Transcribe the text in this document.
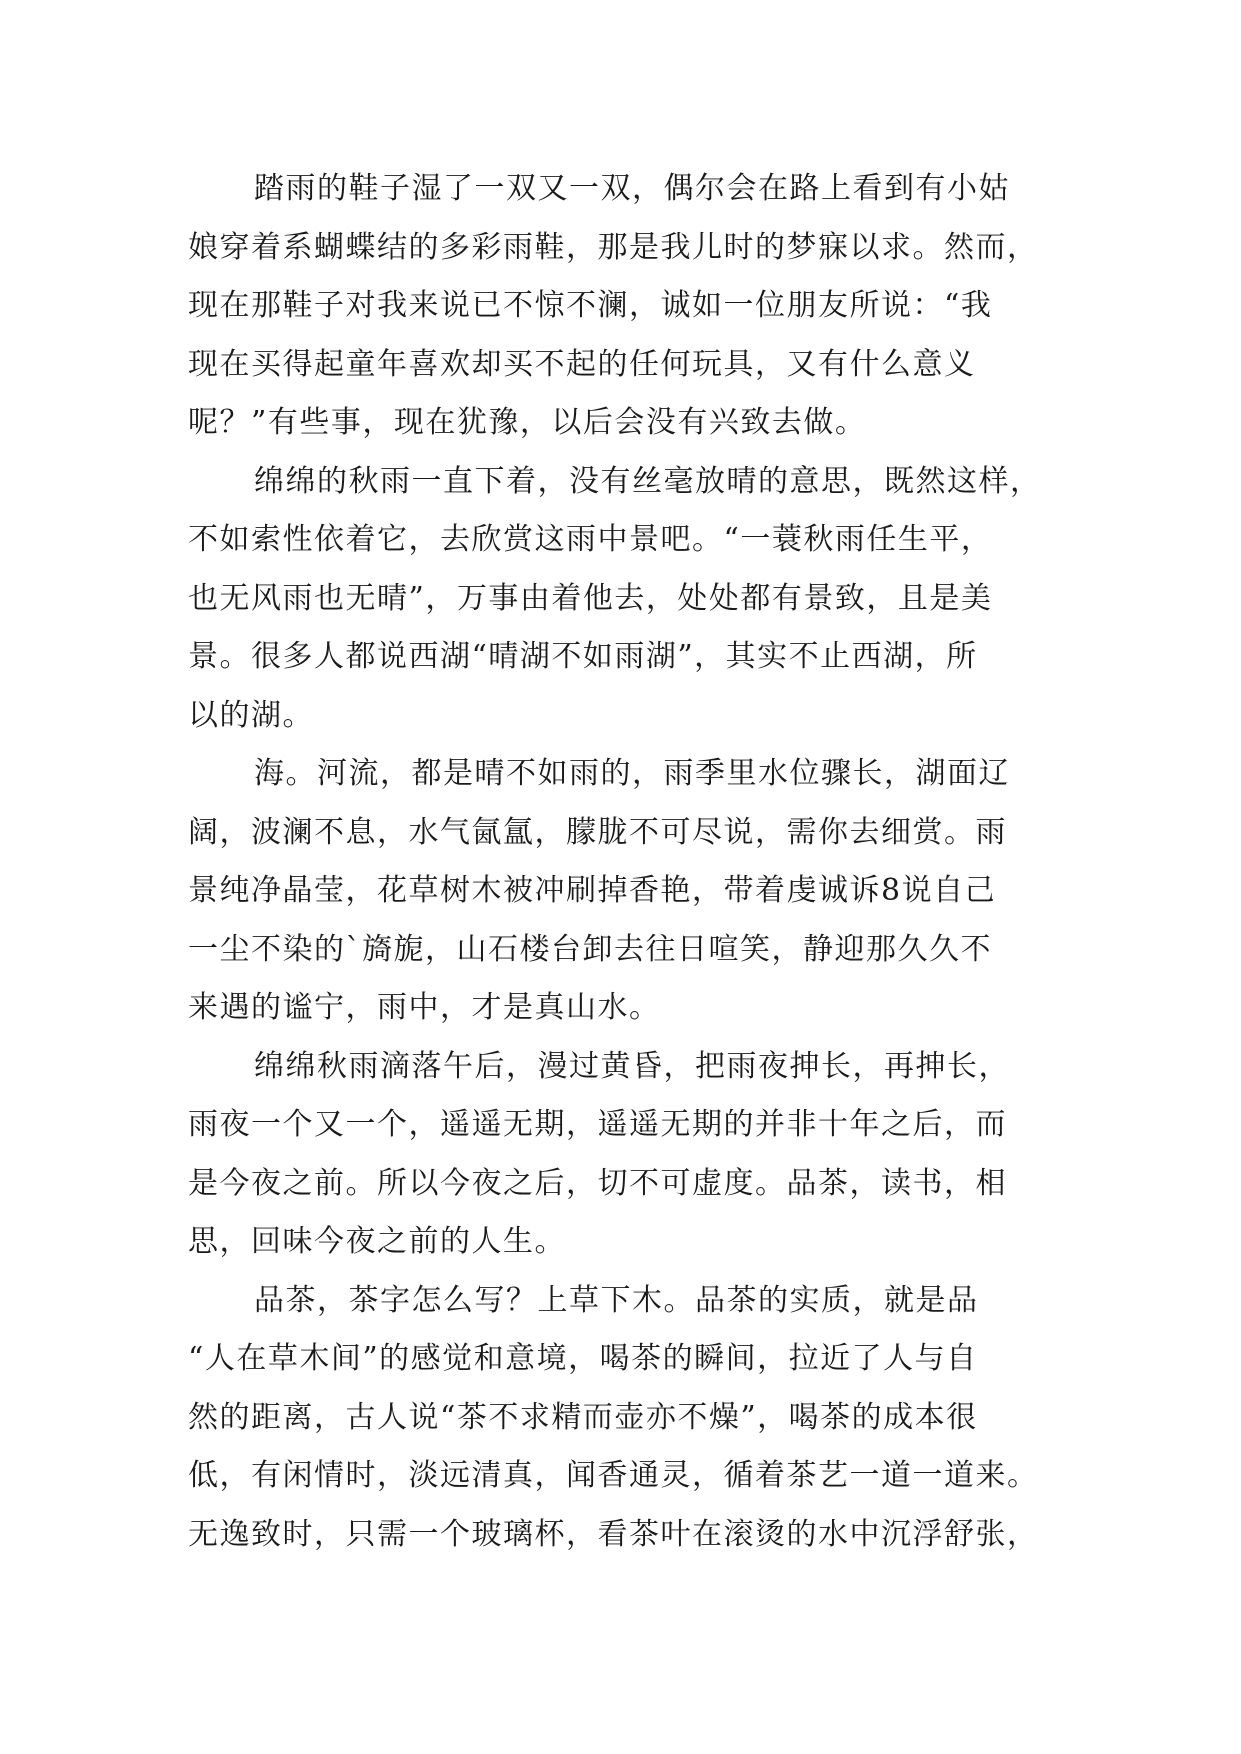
踏雨的鞋子湿了一双又一双，偶尔会在路上看到有小姑
娘穿着系蝴蝶结的多彩雨鞋，那是我儿时的梦寐以求。然而，
现在那鞋子对我来说已不惊不澜，诚如一位朋友所说：“我
现在买得起童年喜欢却买不起的任何玩具，又有什么意义
呢？”有些事，现在犹豫，以后会没有兴致去做。
绵绵的秋雨一直下着，没有丝毫放晴的意思，既然这样，
不如索性依着它，去欣赏这雨中景吧。“一蓑秋雨任生平，
也无风雨也无晴”，万事由着他去，处处都有景致，且是美
景。很多人都说西湖“晴湖不如雨湖”，其实不止西湖，所
以的湖。
海。河流，都是晴不如雨的，雨季里水位骤长，湖面辽
阔，波澜不息，水气氤氲，朦胧不可尽说，需你去细赏。雨
景纯净晶莹，花草树木被冲刷掉香艳，带着虔诚诉8说自己
一尘不染的`旖旎，山石楼台卸去往日喧笑，静迎那久久不
来遇的谧宁，雨中，才是真山水。
绵绵秋雨滴落午后，漫过黄昏，把雨夜抻长，再抻长，
雨夜一个又一个，遥遥无期，遥遥无期的并非十年之后，而
是今夜之前。所以今夜之后，切不可虚度。品茶，读书，相
思，回味今夜之前的人生。
品茶，茶字怎么写？上草下木。品茶的实质，就是品
“人在草木间”的感觉和意境，喝茶的瞬间，拉近了人与自
然的距离，古人说“茶不求精而壶亦不燥”，喝茶的成本很
低，有闲情时，淡远清真，闻香通灵，循着茶艺一道一道来。
无逸致时，只需一个玻璃杯，看茶叶在滚烫的水中沉浮舒张，
